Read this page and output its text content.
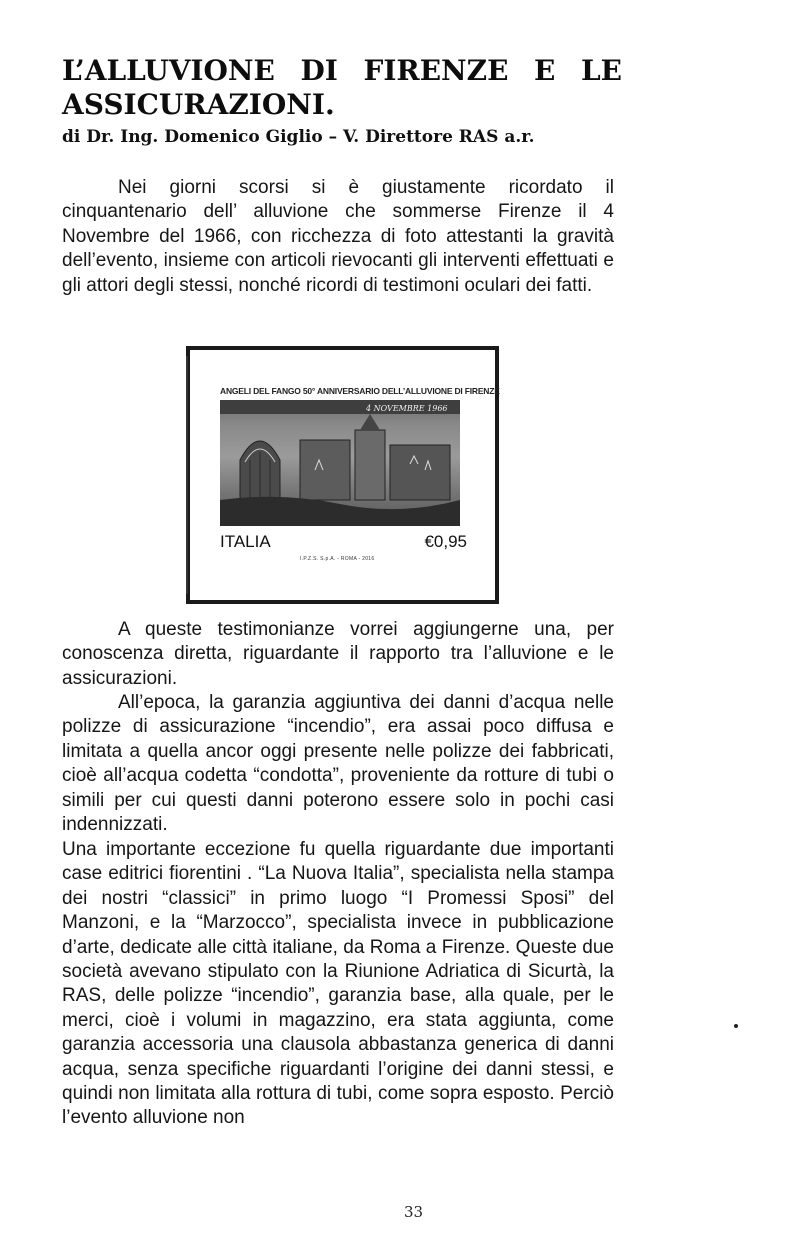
L’ALLUVIONE DI FIRENZE E LE
ASSICURAZIONI.
di Dr. Ing. Domenico Giglio – V. Direttore RAS a.r.
Nei giorni scorsi si è giustamente ricordato il cinquantenario dell’ alluvione che sommerse Firenze il 4 Novembre del 1966, con ricchezza di foto attestanti la gravità dell’evento, insieme con articoli rievocanti gli interventi effettuati e gli attori degli stessi, nonché ricordi di testimoni oculari dei fatti.
ANGELI DEL FANGO 50° ANNIVERSARIO DELL’ALLUVIONE DI FIRENZE
4 NOVEMBRE 1966
ITALIA	€0,95
I.P.Z.S. S.p.A. - ROMA - 2016
A queste testimonianze vorrei aggiungerne una, per conoscenza diretta, riguardante il rapporto tra l’alluvione e le assicurazioni.
All’epoca, la garanzia aggiuntiva dei danni d’acqua nelle polizze di assicurazione “incendio”, era assai poco diffusa e limitata a quella ancor oggi presente nelle polizze dei fabbricati, cioè all’acqua codetta “condotta”, proveniente da rotture di tubi o simili per cui questi danni poterono essere solo in pochi casi indennizzati.
Una importante eccezione fu quella riguardante due importanti case editrici fiorentini . “La Nuova Italia”, specialista nella stampa dei nostri “classici” in primo luogo “I Promessi Sposi” del Manzoni, e la “Marzocco”, specialista invece in pubblicazione d’arte, dedicate alle città italiane, da Roma a Firenze. Queste due società avevano stipulato con la Riunione Adriatica di Sicurtà, la RAS, delle polizze “incendio”, garanzia base, alla quale, per le merci, cioè i volumi in magazzino, era stata aggiunta, come garanzia accessoria una clausola abbastanza generica di danni acqua, senza specifiche riguardanti l’origine dei danni stessi, e quindi non limitata alla rottura di tubi, come sopra esposto. Perciò l’evento alluvione non
33
